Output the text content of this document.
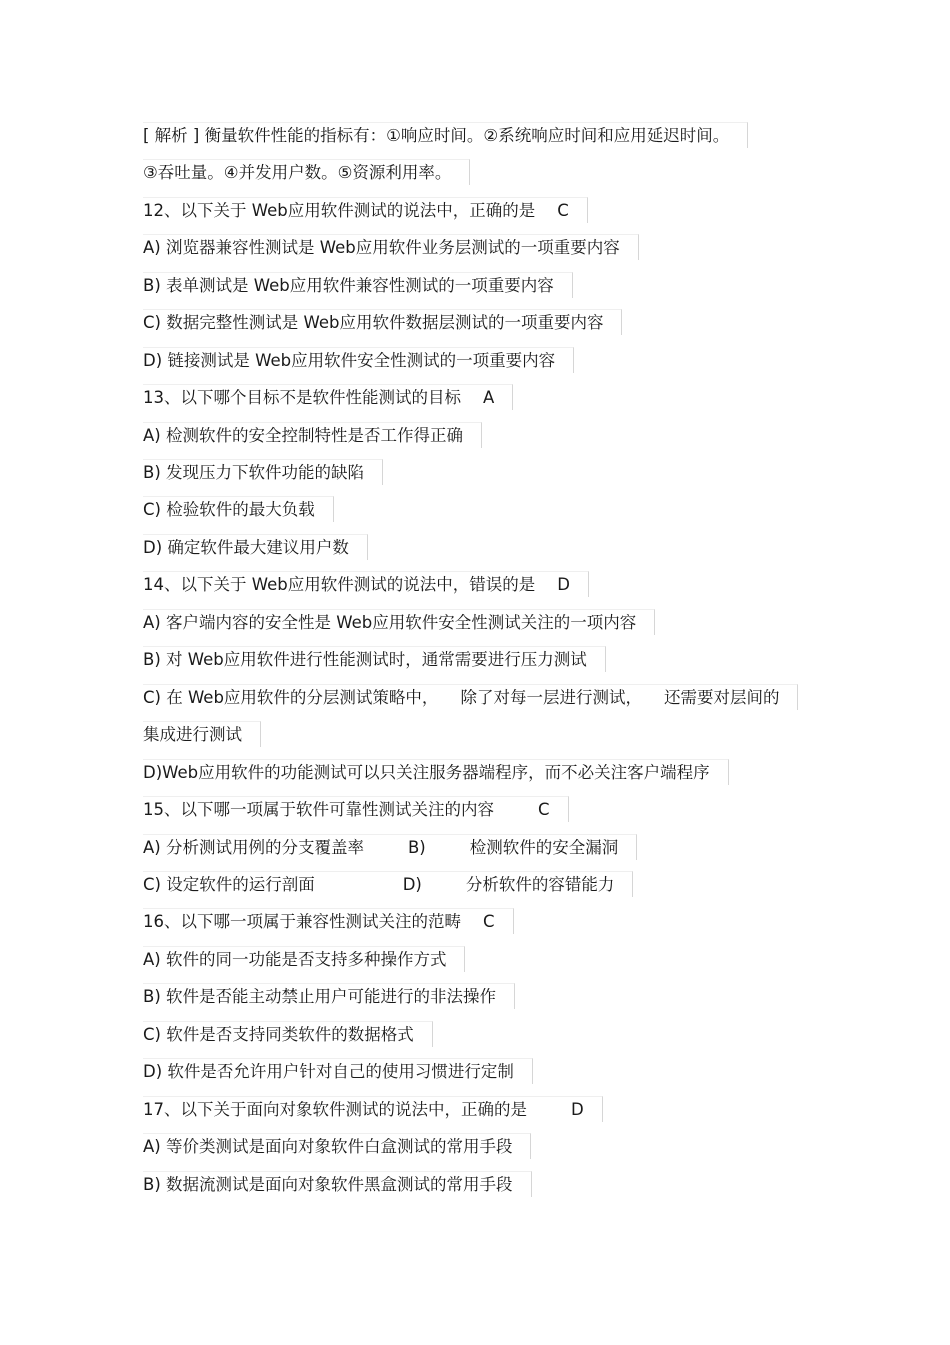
[ 解析 ] 衡量软件性能的指标有：①响应时间。②系统响应时间和应用延迟时间。
③吞吐量。④并发用户数。⑤资源利用率。
12、以下关于 Web应用软件测试的说法中，正确的是 C
A) 浏览器兼容性测试是 Web应用软件业务层测试的一项重要内容
B) 表单测试是 Web应用软件兼容性测试的一项重要内容
C) 数据完整性测试是 Web应用软件数据层测试的一项重要内容
D) 链接测试是 Web应用软件安全性测试的一项重要内容
13、以下哪个目标不是软件性能测试的目标 A
A) 检测软件的安全控制特性是否工作得正确
B) 发现压力下软件功能的缺陷
C) 检验软件的最大负载
D) 确定软件最大建议用户数
14、以下关于 Web应用软件测试的说法中，错误的是 D
A) 客户端内容的安全性是 Web应用软件安全性测试关注的一项内容
B) 对 Web应用软件进行性能测试时，通常需要进行压力测试
C) 在 Web应用软件的分层测试策略中， 除了对每一层进行测试， 还需要对层间的
集成进行测试
D)Web应用软件的功能测试可以只关注服务器端程序，而不必关注客户端程序
15、以下哪一项属于软件可靠性测试关注的内容	C
A) 分析测试用例的分支覆盖率	B)	检测软件的安全漏洞
C) 设定软件的运行剖面	D)	分析软件的容错能力
16、以下哪一项属于兼容性测试关注的范畴 C
A) 软件的同一功能是否支持多种操作方式
B) 软件是否能主动禁止用户可能进行的非法操作
C) 软件是否支持同类软件的数据格式
D) 软件是否允许用户针对自己的使用习惯进行定制
17、以下关于面向对象软件测试的说法中，正确的是	D
A) 等价类测试是面向对象软件白盒测试的常用手段
B) 数据流测试是面向对象软件黑盒测试的常用手段
